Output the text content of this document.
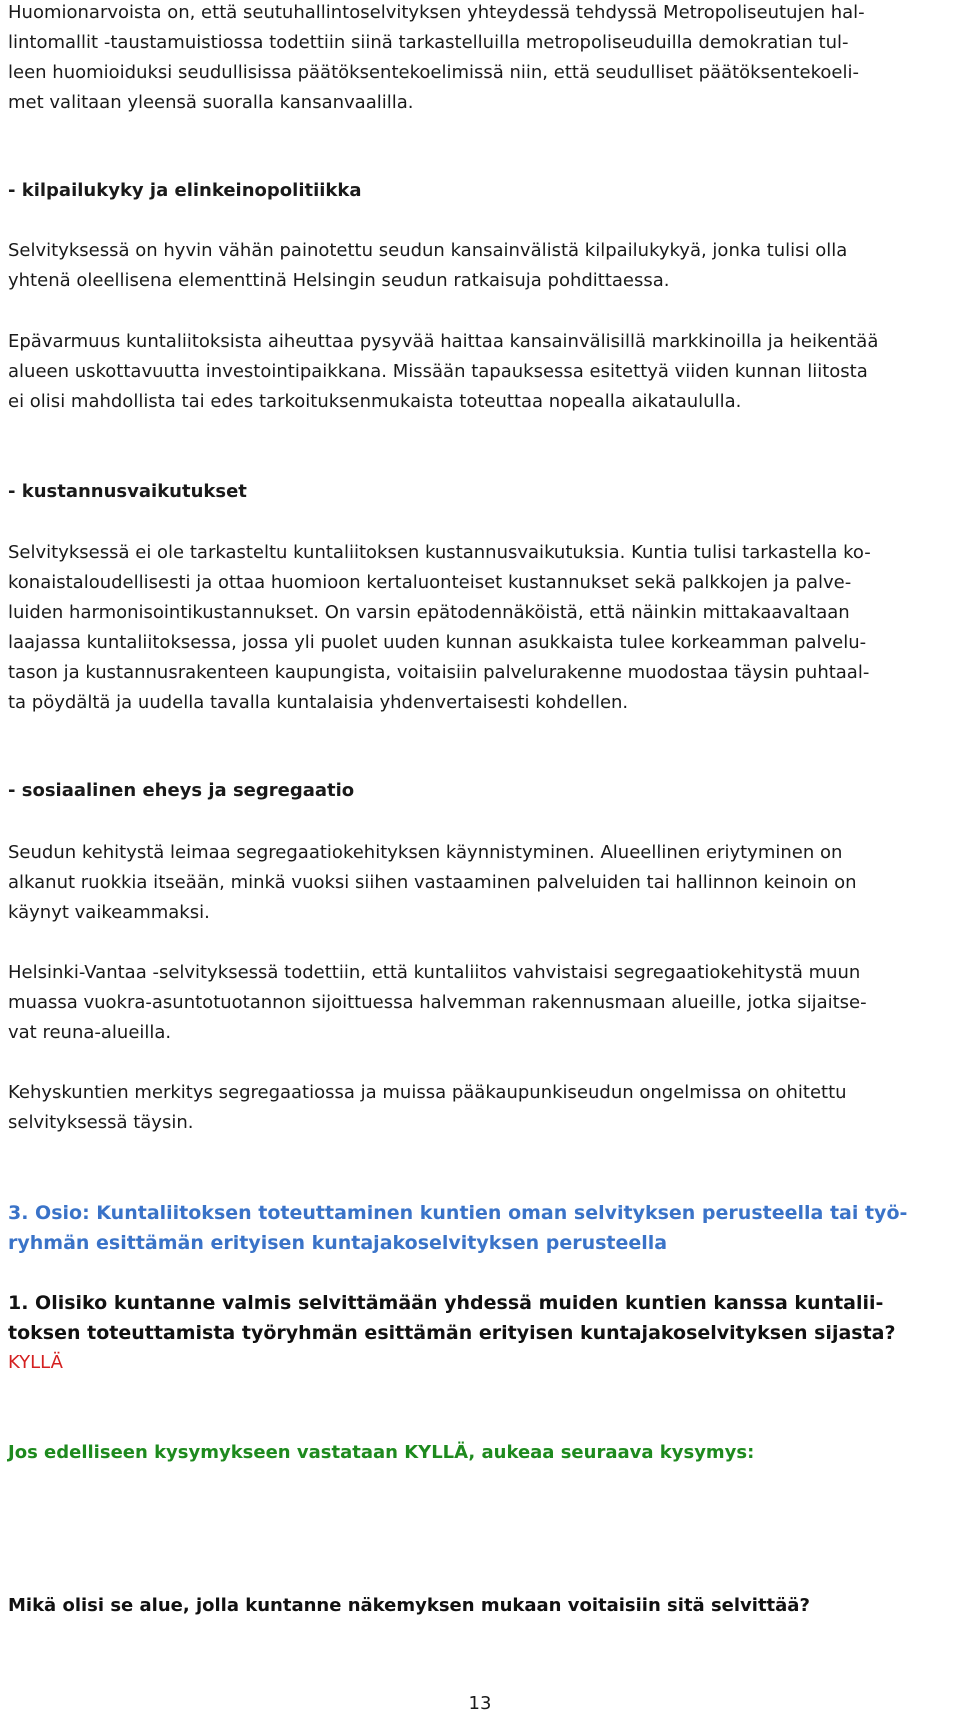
Huomionarvoista on, että seutuhallintoselvityksen yhteydessä tehdyssä Metropoliseutujen hal-
lintomallit -taustamuistiossa todettiin siinä tarkastelluilla metropoliseuduilla demokratian tul-
leen huomioiduksi seudullisissa päätöksentekoelimissä niin, että seudulliset päätöksentekoeli-
met valitaan yleensä suoralla kansanvaalilla.

- kilpailukyky ja elinkeinopolitiikka

Selvityksessä on hyvin vähän painotettu seudun kansainvälistä kilpailukykyä, jonka tulisi olla
yhtenä oleellisena elementtinä Helsingin seudun ratkaisuja pohdittaessa.

Epävarmuus kuntaliitoksista aiheuttaa pysyvää haittaa kansainvälisillä markkinoilla ja heikentää
alueen uskottavuutta investointipaikkana. Missään tapauksessa esitettyä viiden kunnan liitosta
ei olisi mahdollista tai edes tarkoituksenmukaista toteuttaa nopealla aikataululla.

- kustannusvaikutukset

Selvityksessä ei ole tarkasteltu kuntaliitoksen kustannusvaikutuksia. Kuntia tulisi tarkastella ko-
konaistaloudellisesti ja ottaa huomioon kertaluonteiset kustannukset sekä palkkojen ja palve-
luiden harmonisointikustannukset. On varsin epätodennäköistä, että näinkin mittakaavaltaan
laajassa kuntaliitoksessa, jossa yli puolet uuden kunnan asukkaista tulee korkeamman palvelu-
tason ja kustannusrakenteen kaupungista, voitaisiin palvelurakenne muodostaa täysin puhtaal-
ta pöydältä ja uudella tavalla kuntalaisia yhdenvertaisesti kohdellen.

- sosiaalinen eheys ja segregaatio

Seudun kehitystä leimaa segregaatiokehityksen käynnistyminen. Alueellinen eriytyminen on
alkanut ruokkia itseään, minkä vuoksi siihen vastaaminen palveluiden tai hallinnon keinoin on
käynyt vaikeammaksi.

Helsinki-Vantaa -selvityksessä todettiin, että kuntaliitos vahvistaisi segregaatiokehitystä muun
muassa vuokra-asuntotuotannon sijoittuessa halvemman rakennusmaan alueille, jotka sijaitse-
vat reuna-alueilla.

Kehyskuntien merkitys segregaatiossa ja muissa pääkaupunkiseudun ongelmissa on ohitettu
selvityksessä täysin.

3. Osio: Kuntaliitoksen toteuttaminen kuntien oman selvityksen perusteella tai työ-
ryhmän esittämän erityisen kuntajakoselvityksen perusteella
1. Olisiko kuntanne valmis selvittämään yhdessä muiden kuntien kanssa kuntalii-
toksen toteuttamista työryhmän esittämän erityisen kuntajakoselvityksen sijasta?
KYLLÄ
Jos edelliseen kysymykseen vastataan KYLLÄ, aukeaa seuraava kysymys:
Mikä olisi se alue, jolla kuntanne näkemyksen mukaan voitaisiin sitä selvittää?
13
